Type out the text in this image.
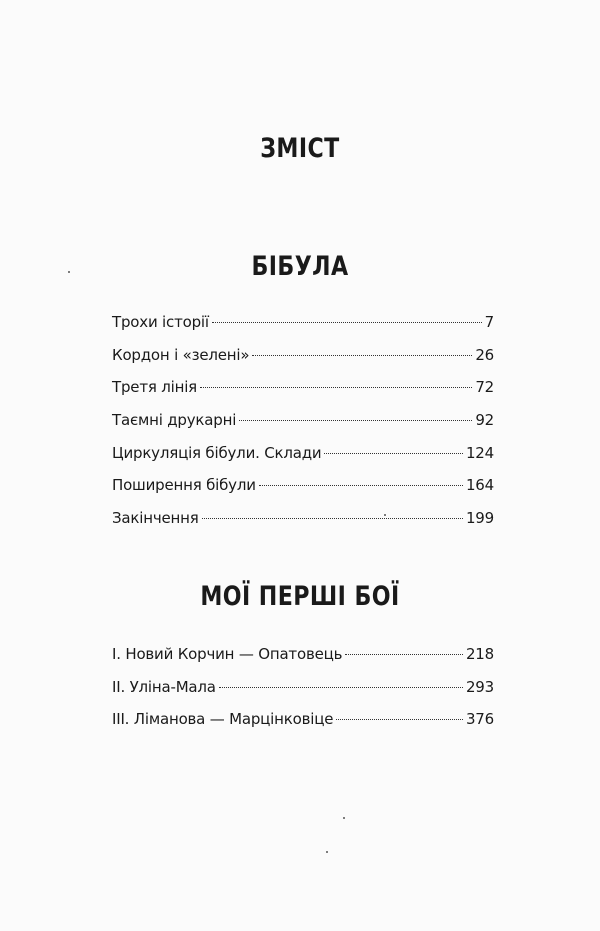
ЗМІСТ
БІБУЛА
Трохи історії	7
Кордон і «зелені»	26
Третя лінія	72
Таємні друкарні	92
Циркуляція бібули. Склади	124
Поширення бібули	164
Закінчення	199
МОЇ ПЕРШІ БОЇ
І. Новий Корчин — Опатовець	218
ІІ. Уліна-Мала	293
ІІІ. Ліманова — Марцінковіце	376
